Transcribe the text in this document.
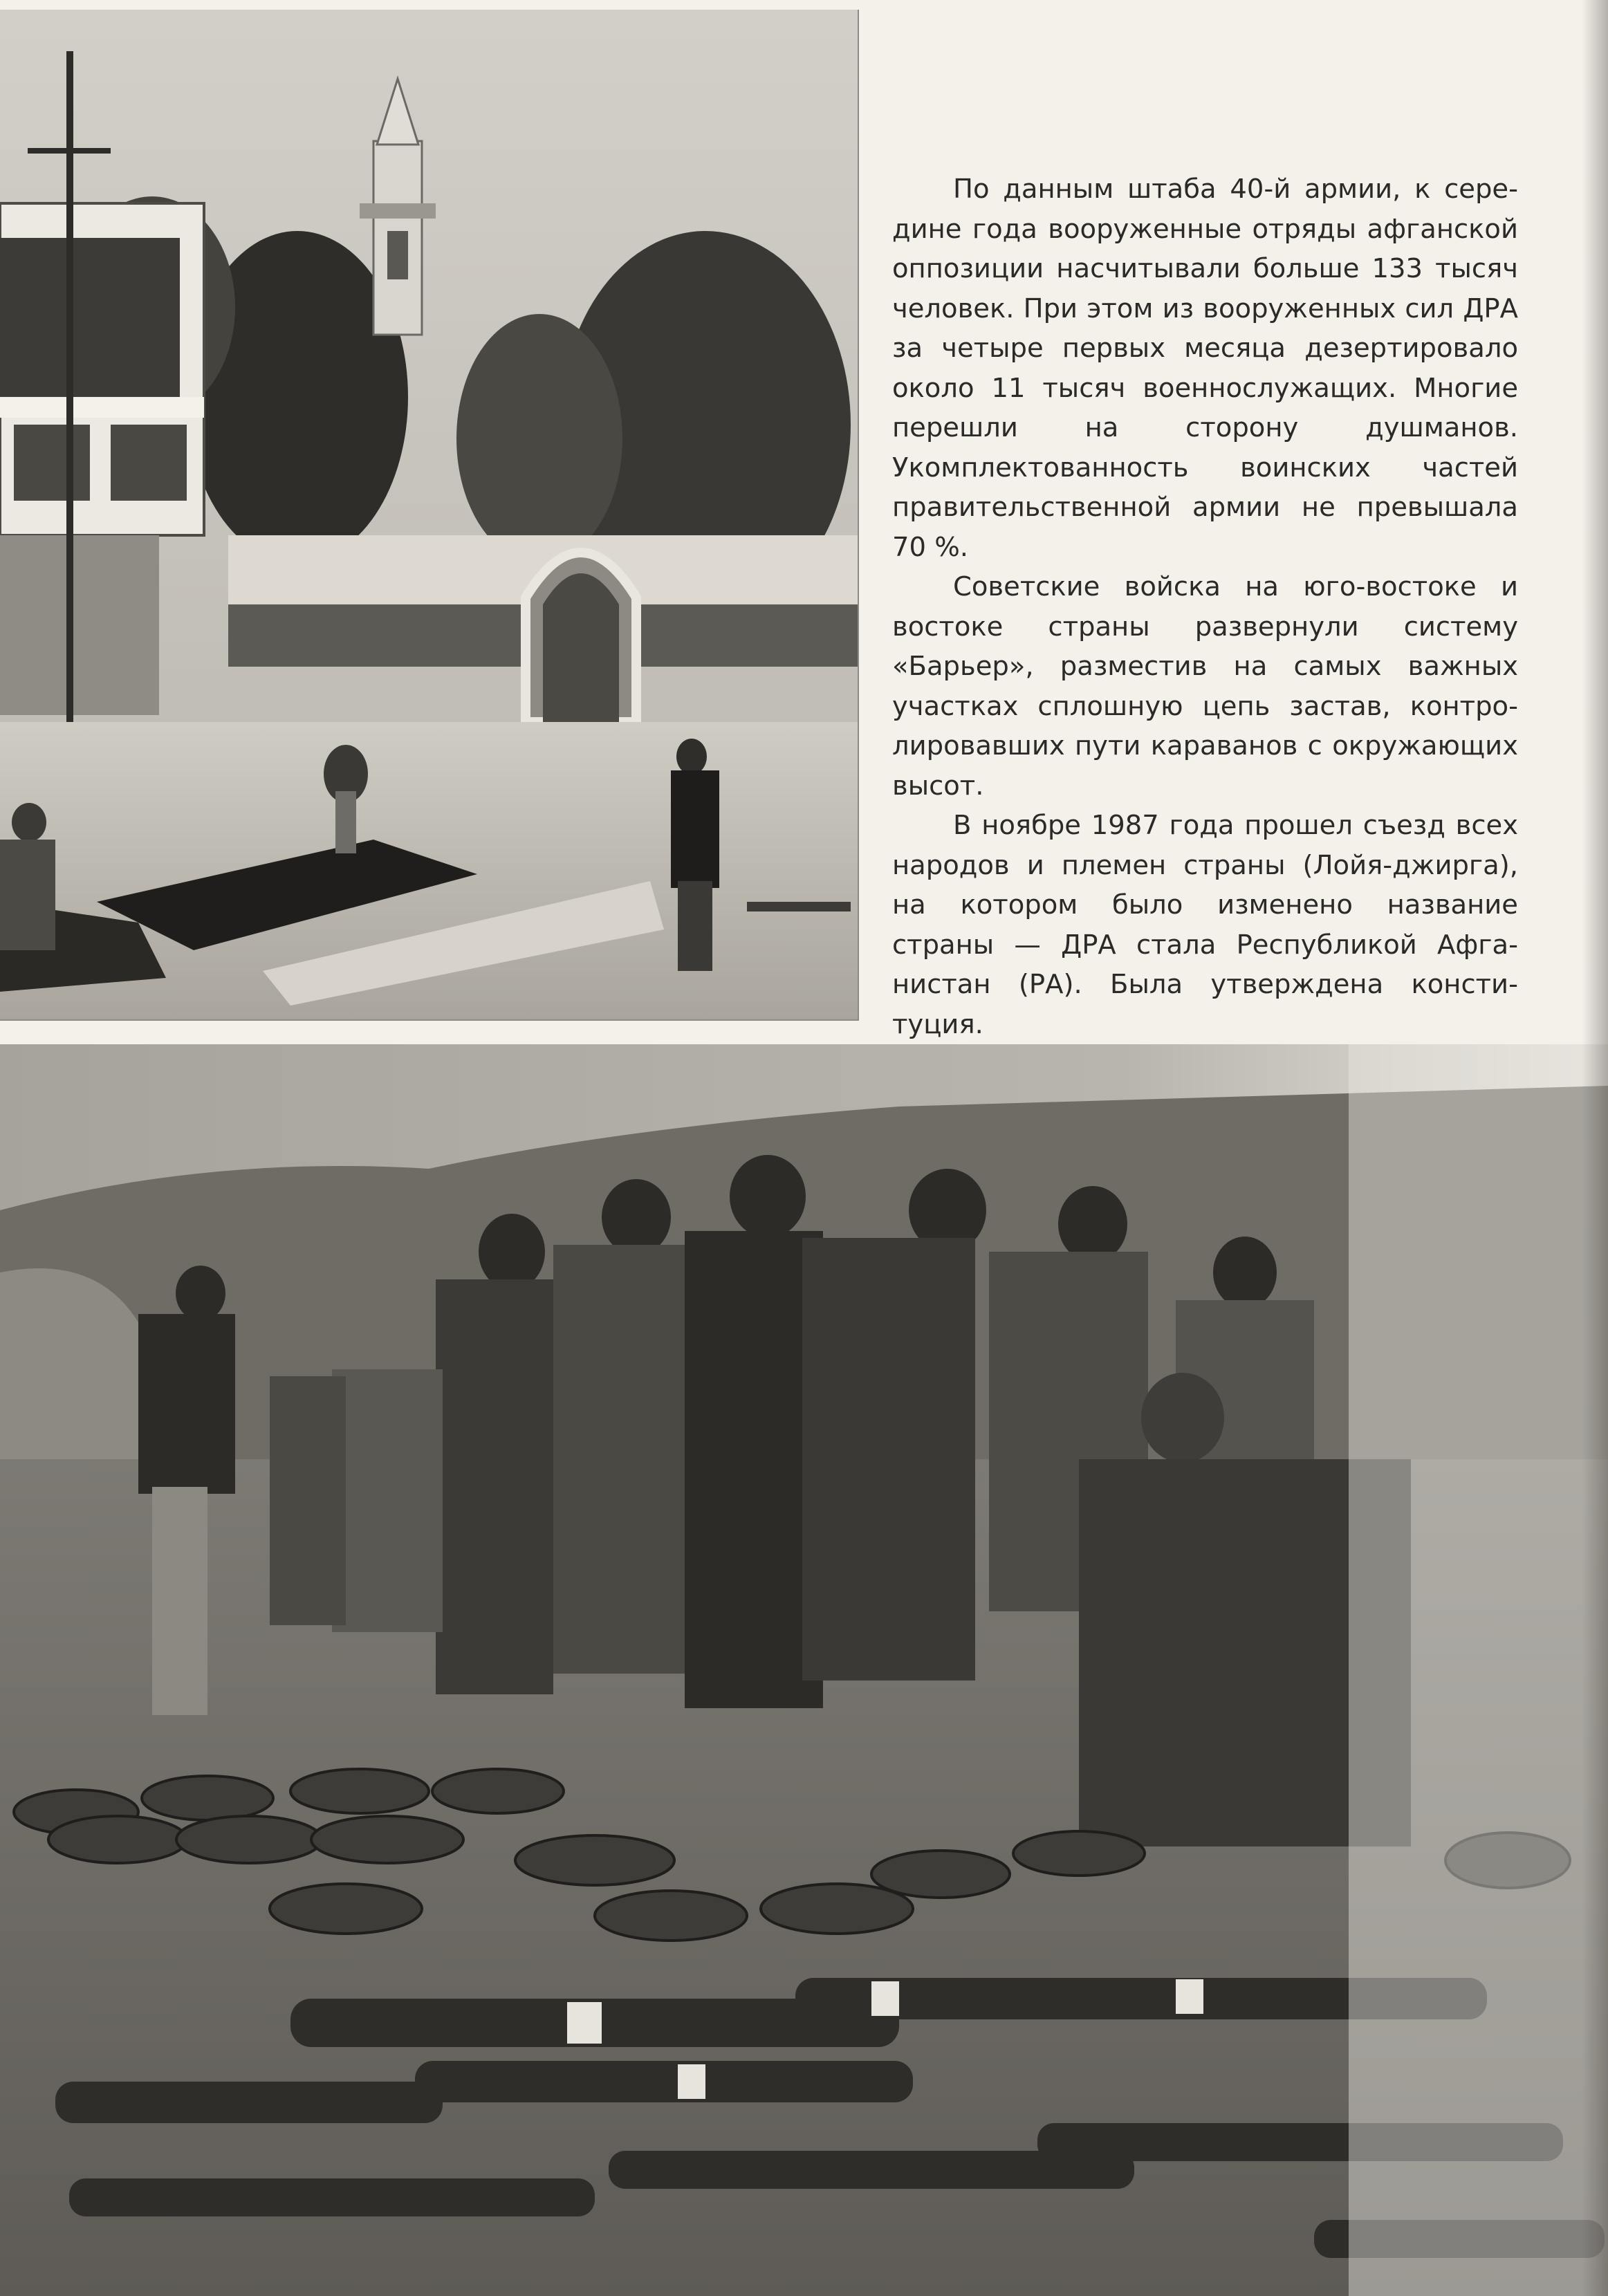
По данным штаба 40-й армии, к середине года вооруженные отряды афганской оппозиции насчитывали больше 133 тысяч человек. При этом из вооруженных сил ДРА за четыре первых месяца дезертировало около 11 тысяч военнослужащих. Многие перешли на сторону душманов. Укомплектованность воинских частей правительственной армии не превышала 70 %.

Советские войска на юго-востоке и востоке страны развернули систему «Барьер», разместив на самых важных участках сплошную цепь застав, контролировавших пути караванов с окружающих высот.

В ноябре 1987 года прошел съезд всех народов и племен страны (Лойя-джирга), на котором было изменено название страны — ДРА стала Республикой Афганистан (РА). Была утверждена конституция.
